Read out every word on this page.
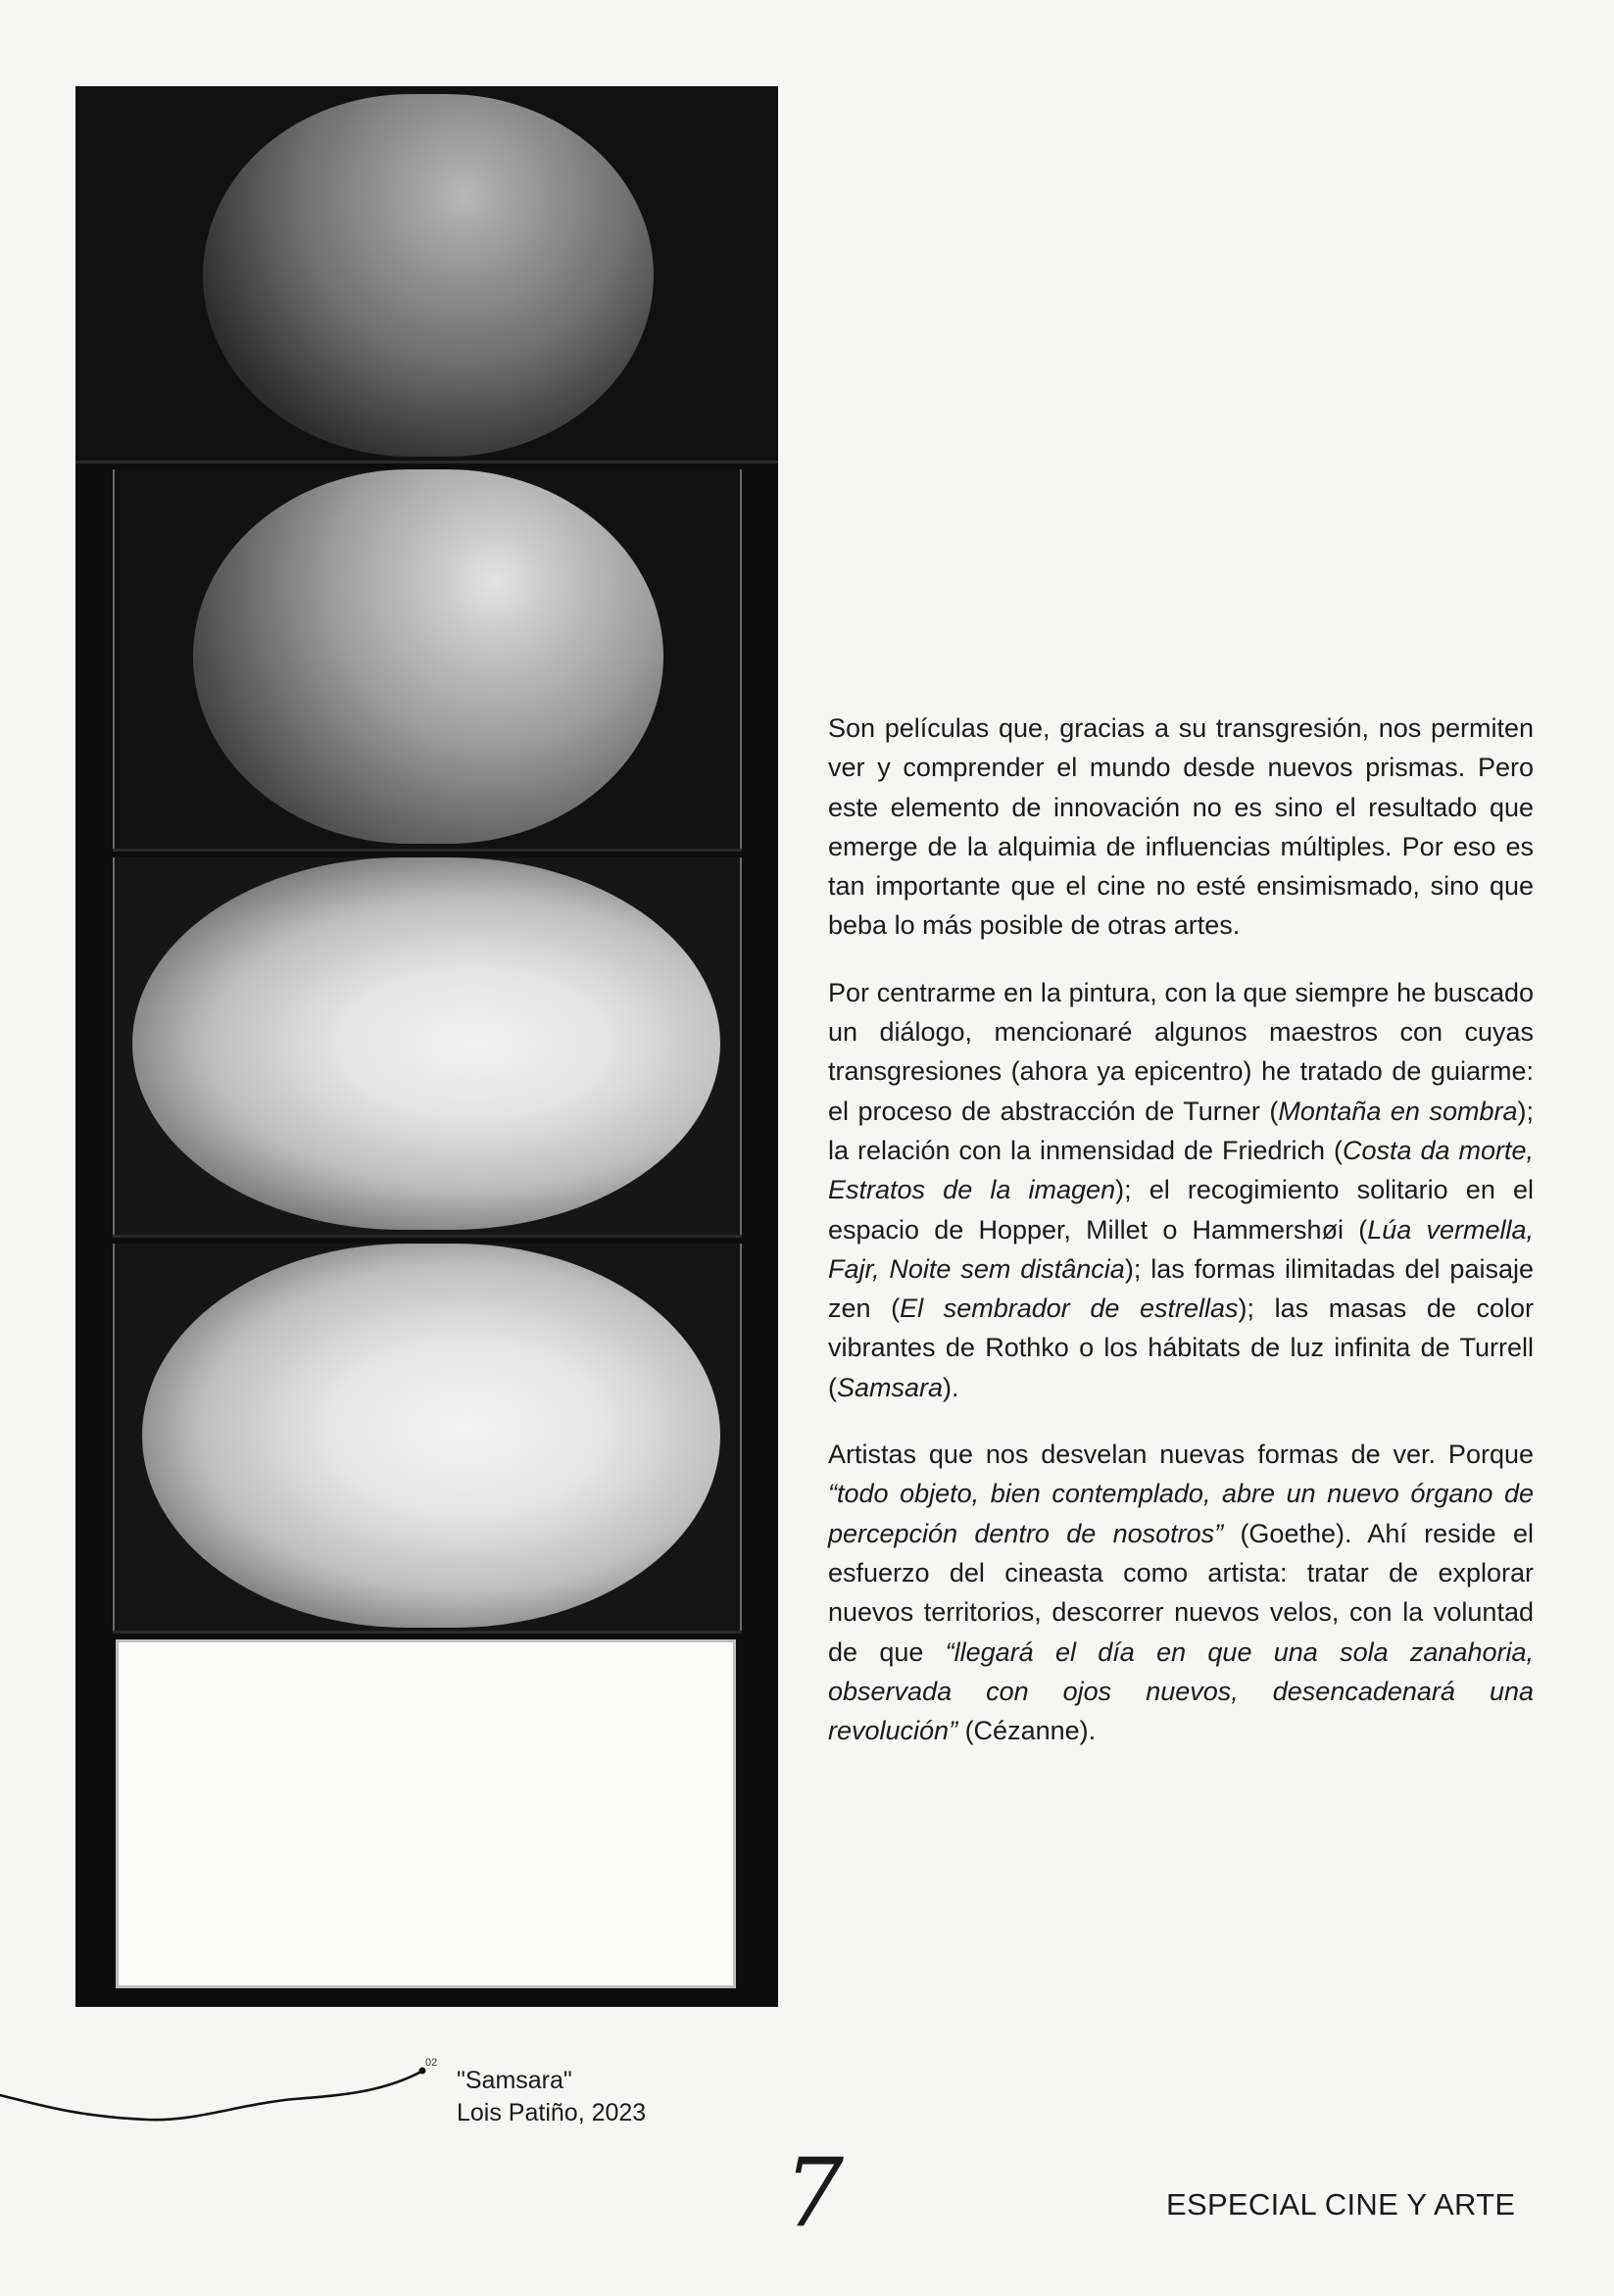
Son películas que, gracias a su transgresión, nos permiten ver y comprender el mundo desde nuevos prismas. Pero este elemento de innovación no es sino el resultado que emerge de la alquimia de influencias múltiples. Por eso es tan importante que el cine no esté ensimismado, sino que beba lo más posible de otras artes.

Por centrarme en la pintura, con la que siempre he buscado un diálogo, mencionaré algunos maestros con cuyas transgresiones (ahora ya epicentro) he tratado de guiarme: el proceso de abstracción de Turner (Montaña en sombra); la relación con la inmensidad de Friedrich (Costa da morte, Estratos de la imagen); el recogimiento solitario en el espacio de Hopper, Millet o Hammershøi (Lúa vermella, Fajr, Noite sem distância); las formas ilimitadas del paisaje zen (El sembrador de estrellas); las masas de color vibrantes de Rothko o los hábitats de luz infinita de Turrell (Samsara).

Artistas que nos desvelan nuevas formas de ver. Porque “todo objeto, bien contemplado, abre un nuevo órgano de percepción dentro de nosotros” (Goethe). Ahí reside el esfuerzo del cineasta como artista: tratar de explorar nuevos territorios, descorrer nuevos velos, con la voluntad de que “llegará el día en que una sola zanahoria, observada con ojos nuevos, desencadenará una revolución” (Cézanne).

02
"Samsara"
Lois Patiño, 2023
7	ESPECIAL CINE Y ARTE
